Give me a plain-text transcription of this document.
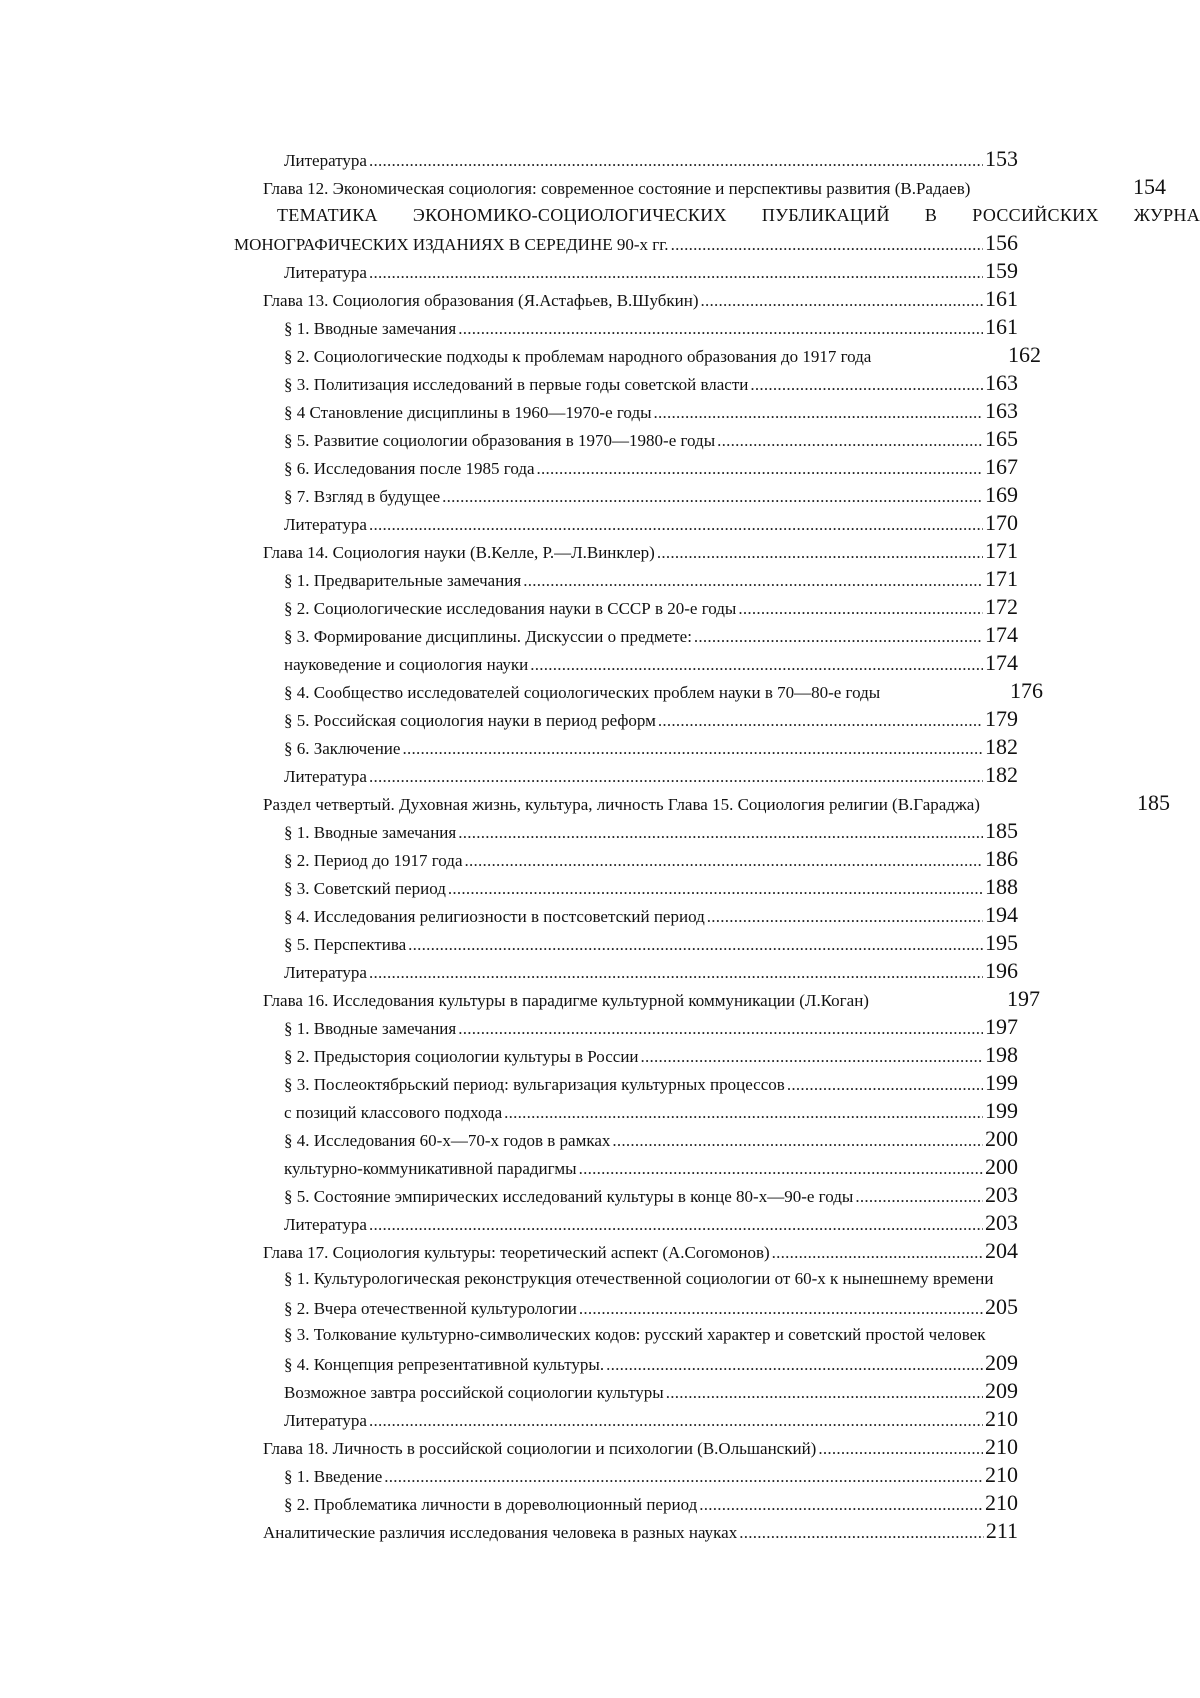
Литература . . .	153
Глава 12. Экономическая социология: современное состояние и перспективы развития (В.Радаев)	154
ТЕМАТИКА ЭКОНОМИКО-СОЦИОЛОГИЧЕСКИХ ПУБЛИКАЦИЙ В РОССИЙСКИХ ЖУРНА
МОНОГРАФИЧЕСКИХ ИЗДАНИЯХ В СЕРЕДИНЕ 90-х гг. . . .	156
Литература . . .	159
Глава 13. Социология образования (Я.Астафьев, В.Шубкин) . . .	161
§ 1. Вводные замечания . . .	161
§ 2. Социологические подходы к проблемам народного образования до 1917 года	162
§ 3. Политизация исследований в первые годы советской власти . . .	163
§ 4 Становление дисциплины в 1960—1970-е годы . . .	163
§ 5. Развитие социологии образования в 1970—1980-е годы . . .	165
§ 6. Исследования после 1985 года . . .	167
§ 7. Взгляд в будущее . . .	169
Литература . . .	170
Глава 14. Социология науки (В.Келле, Р.—Л.Винклер) . . .	171
§ 1. Предварительные замечания . . .	171
§ 2. Социологические исследования науки в СССР в 20-е годы . . .	172
§ 3. Формирование дисциплины. Дискуссии о предмете: . . .	174
науковедение и социология науки . . .	174
§ 4. Сообщество исследователей социологических проблем науки в 70—80-е годы	176
§ 5. Российская социология науки в период реформ . . .	179
§ 6. Заключение . . .	182
Литература . . .	182
Раздел четвертый. Духовная жизнь, культура, личность Глава 15. Социология религии (В.Гараджа)	185
§ 1. Вводные замечания . . .	185
§ 2. Период до 1917 года . . .	186
§ 3. Советский период . . .	188
§ 4. Исследования религиозности в постсоветский период . . .	194
§ 5. Перспектива . . .	195
Литература . . .	196
Глава 16. Исследования культуры в парадигме культурной коммуникации (Л.Коган)	197
§ 1. Вводные замечания . . .	197
§ 2. Предыстория социологии культуры в России . . .	198
§ 3. Послеоктябрьский период: вульгаризация культурных процессов . . .	199
с позиций классового подхода . . .	199
§ 4. Исследования 60-х—70-х годов в рамках . . .	200
культурно-коммуникативной парадигмы . . .	200
§ 5. Состояние эмпирических исследований культуры в конце 80-х—90-е годы . . .	203
Литература . . .	203
Глава 17. Социология культуры: теоретический аспект (А.Согомонов) . . .	204
§ 1. Культурологическая реконструкция отечественной социологии от 60-х к нынешнему времени
§ 2. Вчера отечественной культурологии . . .	205
§ 3. Толкование культурно-символических кодов: русский характер и советский простой человек
§ 4. Концепция репрезентативной культуры. . . .	209
Возможное завтра российской социологии культуры . . .	209
Литература . . .	210
Глава 18. Личность в российской социологии и психологии (В.Ольшанский) . . .	210
§ 1. Введение . . .	210
§ 2. Проблематика личности в дореволюционный период . . .	210
Аналитические различия исследования человека в разных науках . . .	211
